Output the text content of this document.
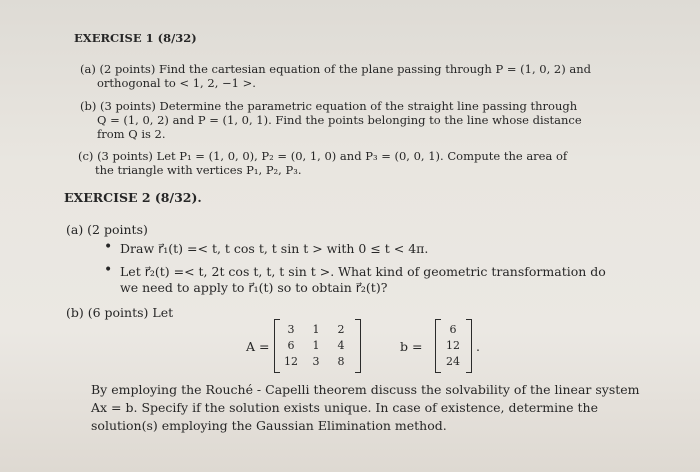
EXERCISE 1 (8/32)
(a) (2 points) Find the cartesian equation of the plane passing through P = (1, 0, 2) and
orthogonal to < 1, 2, −1 >.
(b) (3 points) Determine the parametric equation of the straight line passing through
Q = (1, 0, 2) and P = (1, 0, 1). Find the points belonging to the line whose distance
from Q is 2.
(c) (3 points) Let P₁ = (1, 0, 0), P₂ = (0, 1, 0) and P₃ = (0, 0, 1). Compute the area of
the triangle with vertices P₁, P₂, P₃.
EXERCISE 2 (8/32).
(a) (2 points)
• Draw r⃗₁(t) =< t, t cos t, t sin t > with 0 ≤ t < 4π.
• Let r⃗₂(t) =< t, 2t cos t, t, t sin t >. What kind of geometric transformation do
we need to apply to r⃗₁(t) so to obtain r⃗₂(t)?
(b) (6 points) Let
A =
3	1	2
6	1	4
12	3	8
b =
6
12
24
.
By employing the Rouché - Capelli theorem discuss the solvability of the linear system
Ax = b. Specify if the solution exists unique. In case of existence, determine the
solution(s) employing the Gaussian Elimination method.
